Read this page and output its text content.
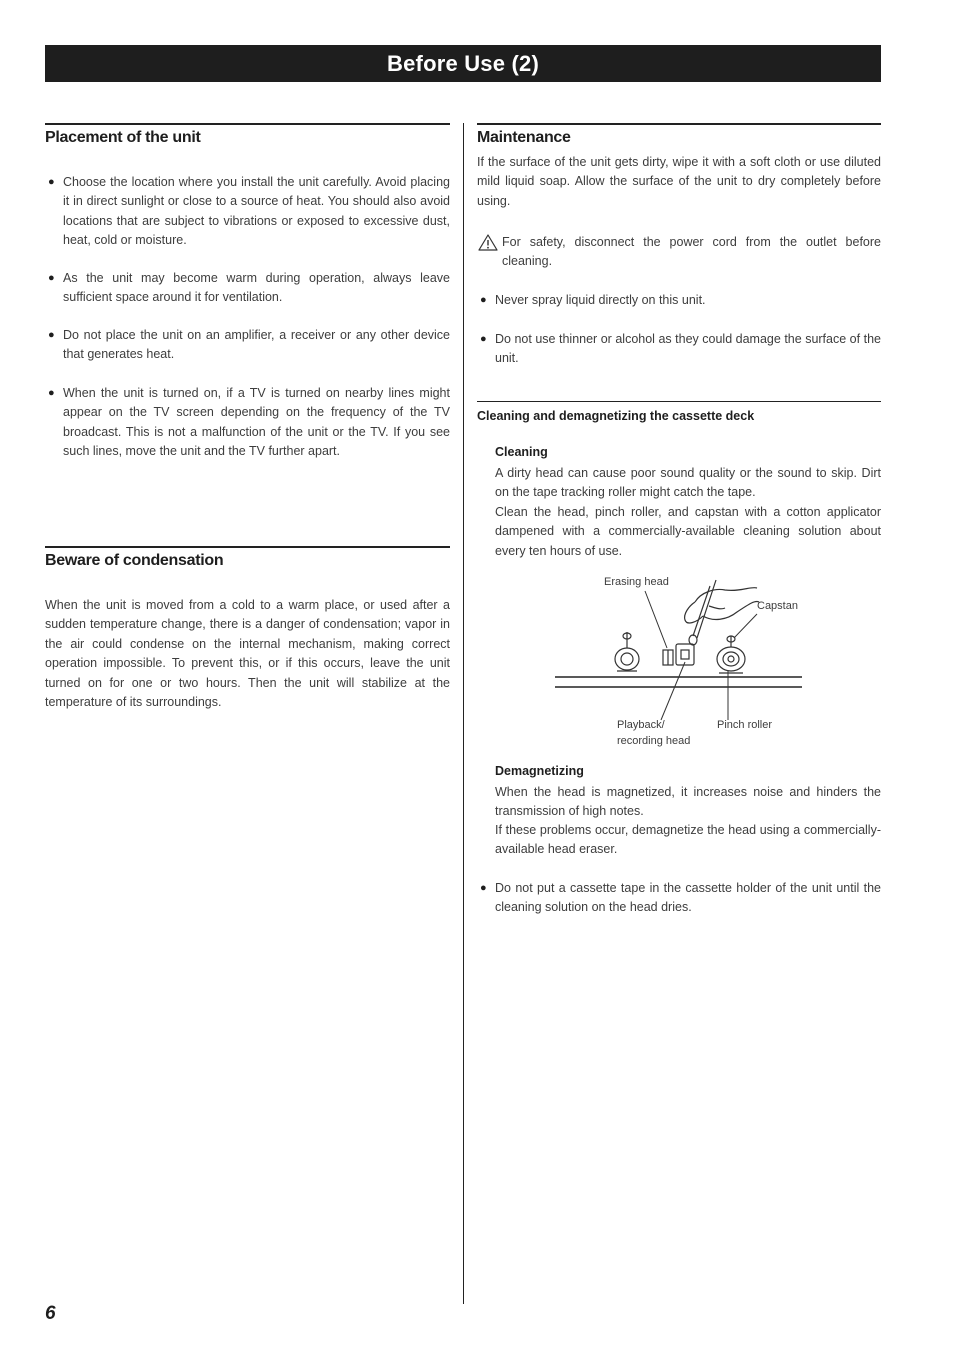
Before Use (2)
Placement of the unit
● Choose the location where you install the unit carefully. Avoid placing it in direct sunlight or close to a source of heat. You should also avoid locations that are subject to vibrations or exposed to excessive dust, heat, cold or moisture.

● As the unit may become warm during operation, always leave sufficient space around it for ventilation.

● Do not place the unit on an amplifier, a receiver or any other device that generates heat.

● When the unit is turned on, if a TV is turned on nearby lines might appear on the TV screen depending on the frequency of the TV broadcast. This is not a malfunction of the unit or the TV. If you see such lines, move the unit and the TV further apart.

Beware of condensation

When the unit is moved from a cold to a warm place, or used after a sudden temperature change, there is a danger of condensation; vapor in the air could condense on the internal mechanism, making correct operation impossible. To prevent this, or if this occurs, leave the unit turned on for one or two hours. Then the unit will stabilize at the temperature of its surroundings.

Maintenance

If the surface of the unit gets dirty, wipe it with a soft cloth or use diluted mild liquid soap. Allow the surface of the unit to dry completely before using.

For safety, disconnect the power cord from the outlet before cleaning.

● Never spray liquid directly on this unit.

● Do not use thinner or alcohol as they could damage the surface of the unit.

Cleaning and demagnetizing the cassette deck
Cleaning

A dirty head can cause poor sound quality or the sound to skip. Dirt on the tape tracking roller might catch the tape.

Clean the head, pinch roller, and capstan with a cotton applicator dampened with a commercially-available cleaning solution about every ten hours of use.

Erasing head
Capstan
Playback/
recording head
Pinch roller
Demagnetizing

When the head is magnetized, it increases noise and hinders the transmission of high notes.

If these problems occur, demagnetize the head using a commercially-available head eraser.

● Do not put a cassette tape in the cassette holder of the unit until the cleaning solution on the head dries.

6
